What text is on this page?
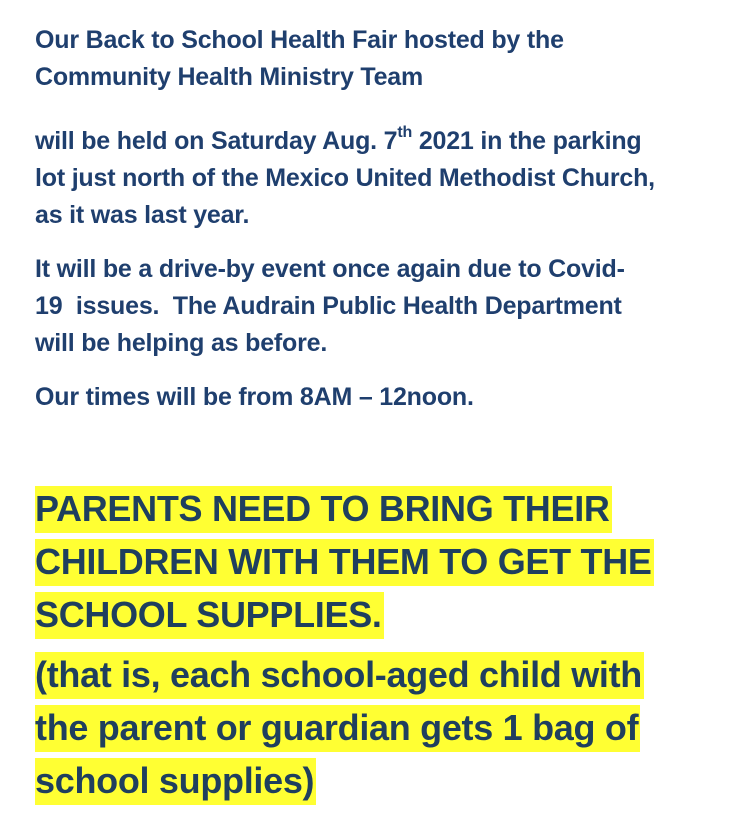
Our Back to School Health Fair hosted by the
Community Health Ministry Team

will be held on Saturday Aug. 7th 2021 in the parking
lot just north of the Mexico United Methodist Church,
as it was last year.

It will be a drive-by event once again due to Covid-
19  issues.  The Audrain Public Health Department
will be helping as before.

Our times will be from 8AM – 12noon.

PARENTS NEED TO BRING THEIR
CHILDREN WITH THEM TO GET THE
SCHOOL SUPPLIES.

(that is, each school-aged child with
the parent or guardian gets 1 bag of
school supplies)
